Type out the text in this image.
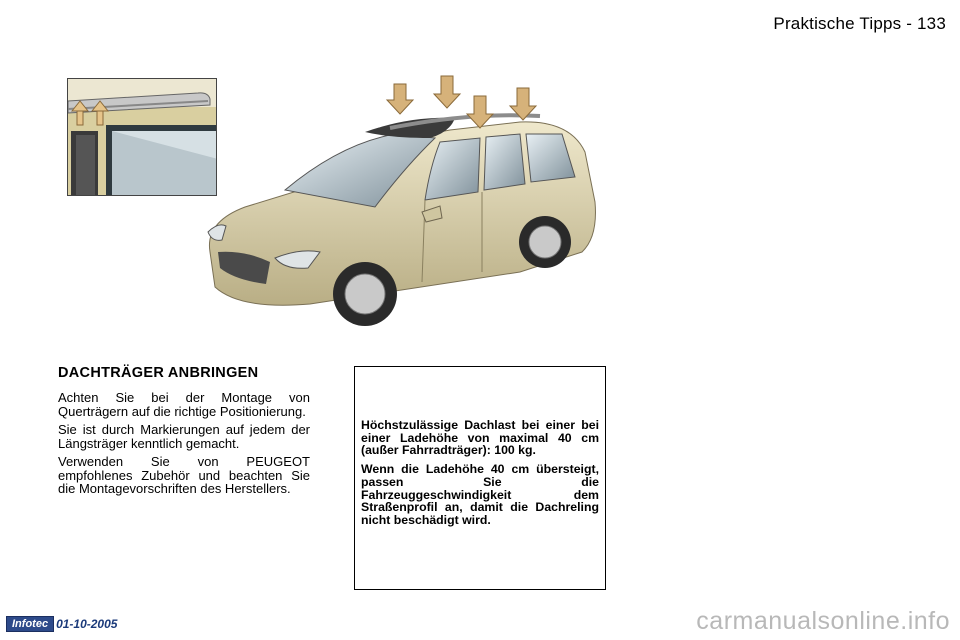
Praktische Tipps - 133
DACHTRÄGER ANBRINGEN

Achten Sie bei der Montage von Querträgern auf die richtige Positionierung.

Sie ist durch Markierungen auf jedem der Längsträger kenntlich gemacht.

Verwenden Sie von PEUGEOT empfohlenes Zubehör und beachten Sie die Montagevorschriften des Herstellers.

Höchstzulässige Dachlast bei einer bei einer Ladehöhe von maximal 40 cm (außer Fahrradträger): 100 kg.

Wenn die Ladehöhe 40 cm übersteigt, passen Sie die Fahrzeuggeschwindigkeit dem Straßenprofil an, damit die Dachreling nicht beschädigt wird.

Infotec 01-10-2005	carmanualsonline.info
